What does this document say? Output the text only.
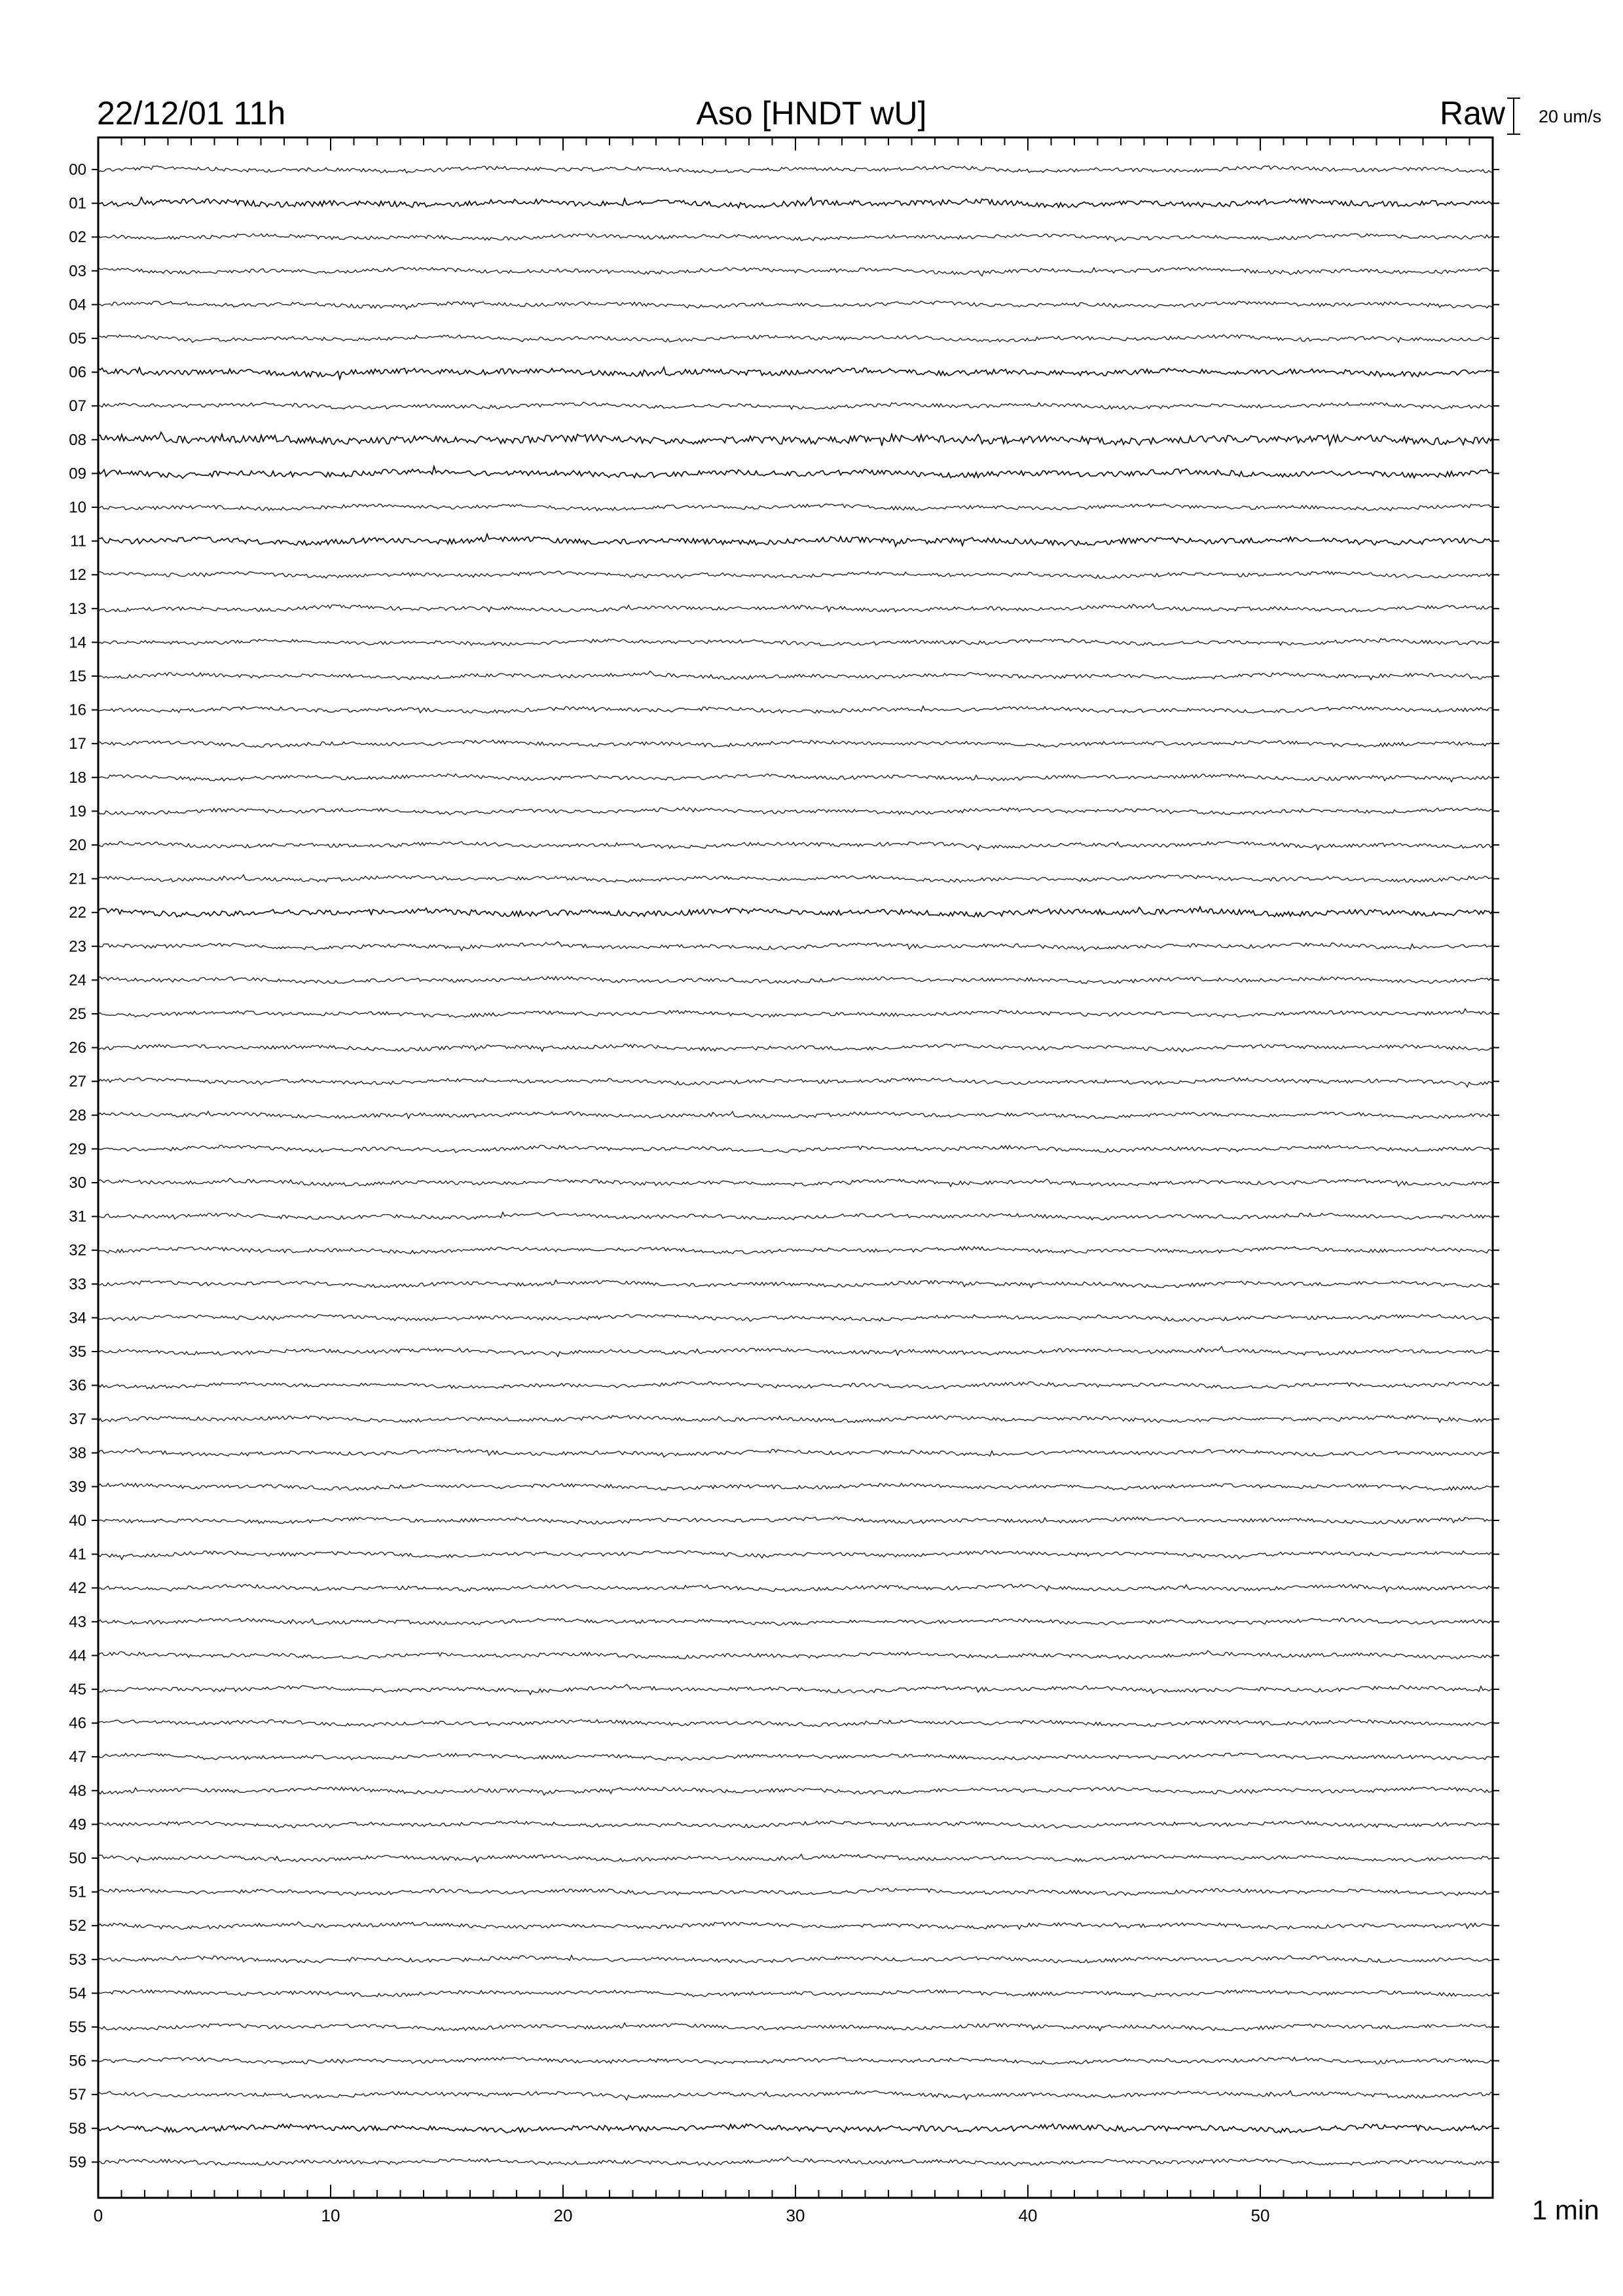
22/12/01 11h	Aso [HNDT wU]	Raw 20 um/s
1 min
00
01
02
03
04
05
06
07
08
09
10
11
12
13
14
15
16
17
18
19
20
21
22
23
24
25
26
27
28
29
30
31
32
33
34
35
36
37
38
39
40
41
42
43
44
45
46
47
48
49
50
51
52
53
54
55
56
57
58
59
0	10	20	30	40	50
